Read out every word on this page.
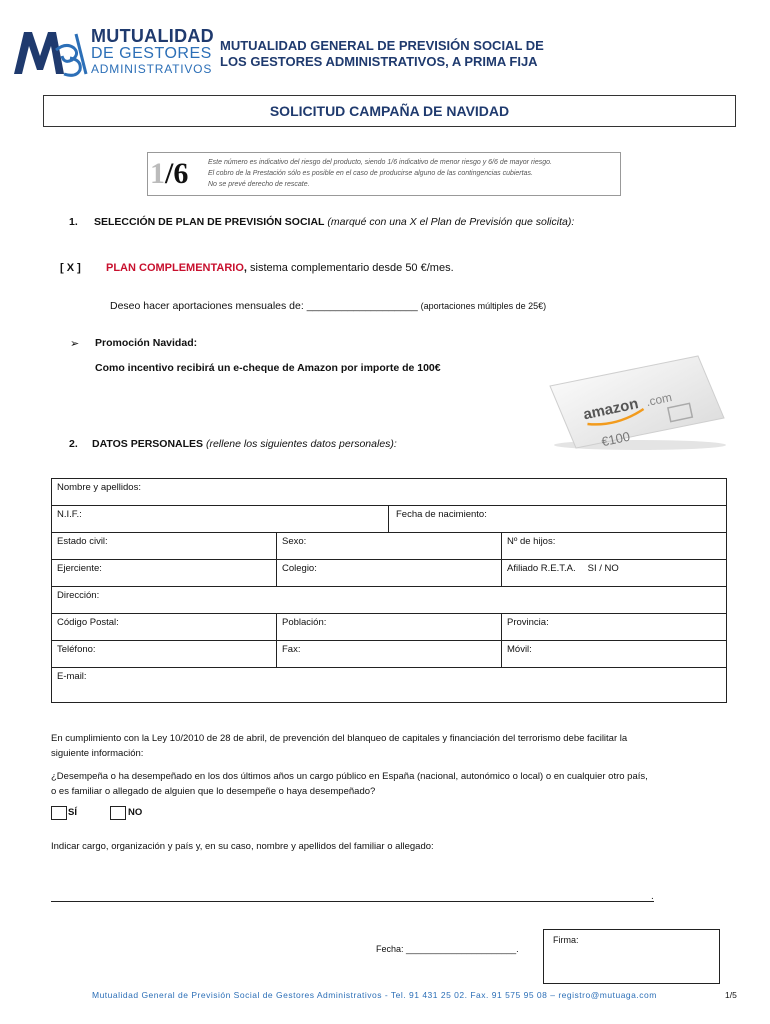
MUTUALIDAD
DE GESTORES
ADMINISTRATIVOS
MUTUALIDAD GENERAL DE PREVISIÓN SOCIAL DE
LOS GESTORES ADMINISTRATIVOS, A PRIMA FIJA
SOLICITUD CAMPAÑA DE NAVIDAD
1/6	Este número es indicativo del riesgo del producto, siendo 1/6 indicativo de menor riesgo y 6/6 de mayor riesgo.
El cobro de la Prestación sólo es posible en el caso de producirse alguno de las contingencias cubiertas.
No se prevé derecho de rescate.
1. SELECCIÓN DE PLAN DE PREVISIÓN SOCIAL (marqué con una X el Plan de Previsión que solicita):
[ X ] PLAN COMPLEMENTARIO, sistema complementario desde 50 €/mes.
Deseo hacer aportaciones mensuales de: ___________________ (aportaciones múltiples de 25€)
➢ Promoción Navidad:
Como incentivo recibirá un e-cheque de Amazon por importe de 100€
amazon .com
€100
2. DATOS PERSONALES (rellene los siguientes datos personales):
Nombre y apellidos:
N.I.F.:	Fecha de nacimiento:
Estado civil:	Sexo:	Nº de hijos:
Ejerciente:	Colegio:	Afiliado R.E.T.A. SI / NO
Dirección:
Código Postal:	Población:	Provincia:
Teléfono:	Fax:	Móvil:
E-mail:
En cumplimiento con la Ley 10/2010 de 28 de abril, de prevención del blanqueo de capitales y financiación del terrorismo debe facilitar la
siguiente información:
¿Desempeña o ha desempeñado en los dos últimos años un cargo público en España (nacional, autonómico o local) o en cualquier otro país,
o es familiar o allegado de alguien que lo desempeñe o haya desempeñado?
SÍ	NO
Indicar cargo, organización y país y, en su caso, nombre y apellidos del familiar o allegado:
.
Firma:
Fecha: ______________________.
Mutualidad General de Previsión Social de Gestores Administrativos - Tel. 91 431 25 02. Fax. 91 575 95 08 – registro@mutuaga.com	1/5
